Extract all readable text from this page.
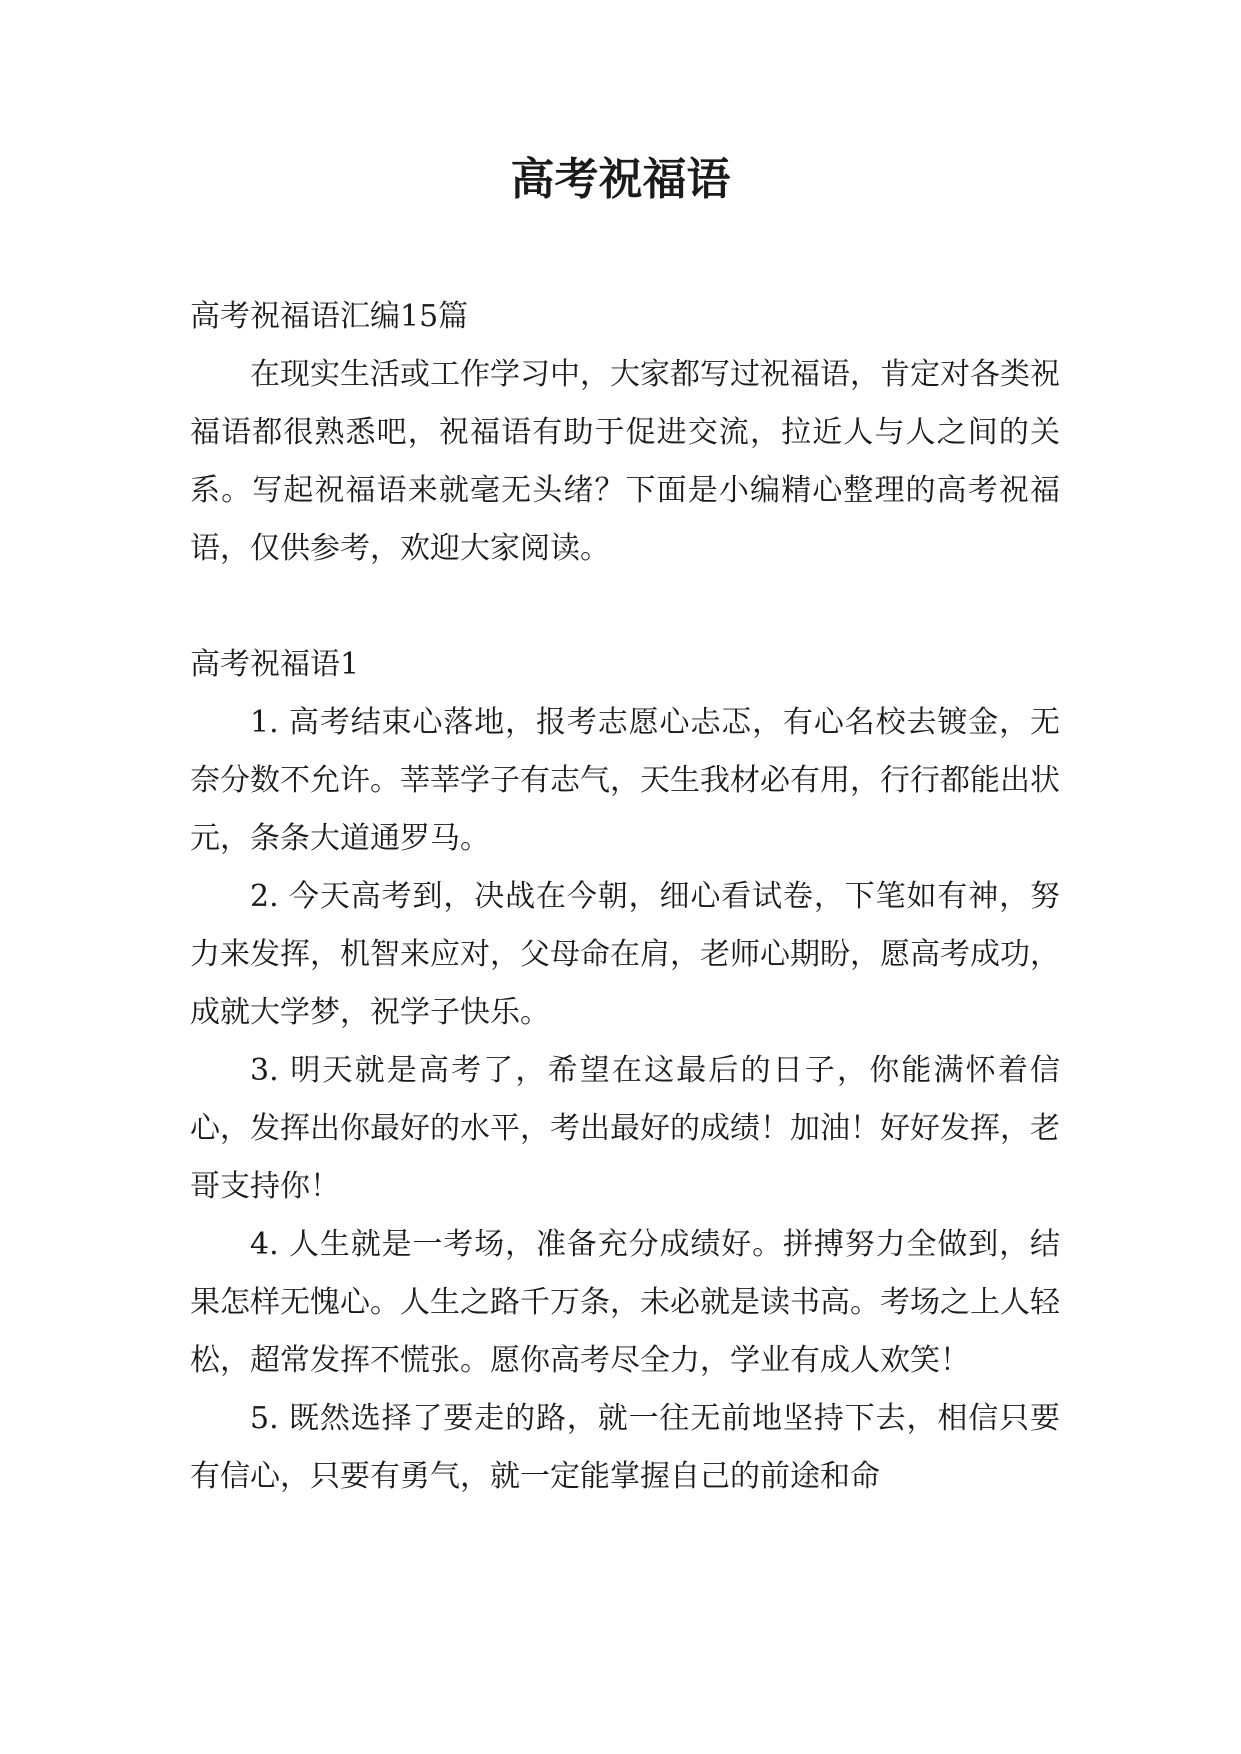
高考祝福语

高考祝福语汇编15篇

在现实生活或工作学习中，大家都写过祝福语，肯定对各类祝福语都很熟悉吧，祝福语有助于促进交流，拉近人与人之间的关系。写起祝福语来就毫无头绪？下面是小编精心整理的高考祝福语，仅供参考，欢迎大家阅读。

高考祝福语1

1. 高考结束心落地，报考志愿心忐忑，有心名校去镀金，无奈分数不允许。莘莘学子有志气，天生我材必有用，行行都能出状元，条条大道通罗马。

2. 今天高考到，决战在今朝，细心看试卷，下笔如有神，努力来发挥，机智来应对，父母命在肩，老师心期盼，愿高考成功，成就大学梦，祝学子快乐。

3. 明天就是高考了，希望在这最后的日子，你能满怀着信心，发挥出你最好的水平，考出最好的成绩！加油！好好发挥，老哥支持你！

4. 人生就是一考场，准备充分成绩好。拼搏努力全做到，结果怎样无愧心。人生之路千万条，未必就是读书高。考场之上人轻松，超常发挥不慌张。愿你高考尽全力，学业有成人欢笑！

5. 既然选择了要走的路，就一往无前地坚持下去，相信只要有信心，只要有勇气，就一定能掌握自己的前途和命
